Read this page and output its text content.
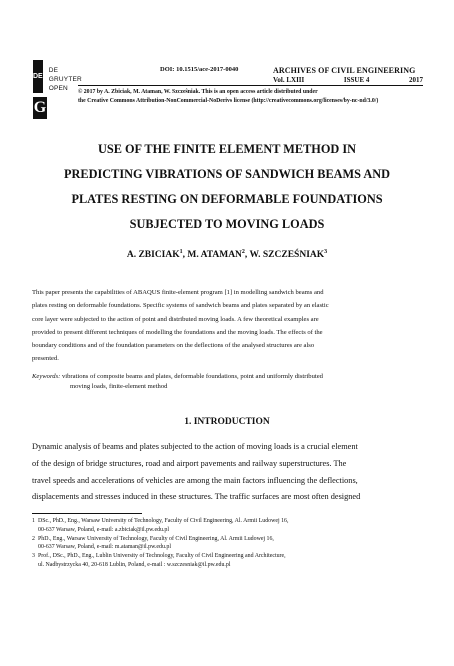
DE
DE GRUYTER
OPEN
G
DOI: 10.1515/ace-2017-0040	ARCHIVES OF CIVIL ENGINEERING
Vol. LXIII	ISSUE 4	2017
© 2017 by A. Zbiciak, M. Ataman, W. Szczeŝniak. This is an open access article distributed under
the Creative Commons Attribution-NonCommercial-NoDerivs license (http://creativecommons.org/licenses/by-nc-nd/3.0/)
USE OF THE FINITE ELEMENT METHOD IN
PREDICTING VIBRATIONS OF SANDWICH BEAMS AND
PLATES RESTING ON DEFORMABLE FOUNDATIONS
SUBJECTED TO MOVING LOADS
A. ZBICIAK$^1$, M. ATAMAN$^2$, W. SZCZEŚNIAK$^3$

This paper presents the capabilities of ABAQUS finite-element program [1] in modelling sandwich beams and

plates resting on deformable foundations. Specific systems of sandwich beams and plates separated by an elastic

core layer were subjected to the action of point and distributed moving loads. A few theoretical examples are

provided to present different techniques of modelling the foundations and the moving loads. The effects of the

boundary conditions and of the foundation parameters on the deflections of the analysed structures are also

presented.

Keywords: vibrations of composite beams and plates, deformable foundations, point and uniformly distributed
moving loads, finite-element method
1. INTRODUCTION

Dynamic analysis of beams and plates subjected to the action of moving loads is a crucial element

of the design of bridge structures, road and airport pavements and railway superstructures. The

travel speeds and accelerations of vehicles are among the main factors influencing the deflections,

displacements and stresses induced in these structures. The traffic surfaces are most often designed

1 DSc., PhD., Eng., Warsaw University of Technology, Faculty of Civil Engineering, Al. Armii Ludowej 16,
00-637 Warsaw, Poland, e-mail: a.zbiciak@il.pw.edu.pl
2 PhD., Eng., Warsaw University of Technology, Faculty of Civil Engineering, Al. Armii Ludowej 16,
00-637 Warsaw, Poland, e-mail: m.ataman@il.pw.edu.pl
3 Prof., DSc., PhD., Eng., Lublin University of Technology, Faculty of Civil Engineering and Architecture,
ul. Nadbystrzycka 40, 20-618 Lublin, Poland, e-mail : w.szczesniak@il.pw.edu.pl
